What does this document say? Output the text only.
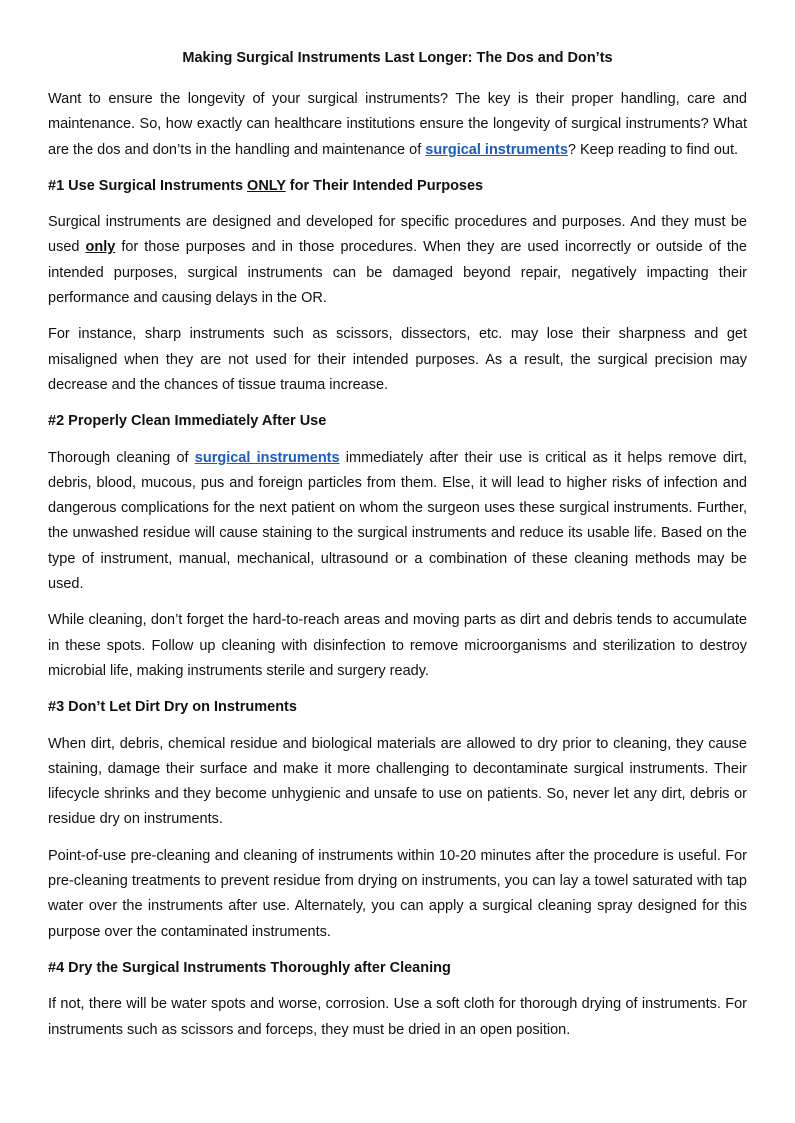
Making Surgical Instruments Last Longer: The Dos and Don’ts

Want to ensure the longevity of your surgical instruments? The key is their proper handling, care and maintenance. So, how exactly can healthcare institutions ensure the longevity of surgical instruments? What are the dos and don’ts in the handling and maintenance of surgical instruments? Keep reading to find out.

#1 Use Surgical Instruments ONLY for Their Intended Purposes

Surgical instruments are designed and developed for specific procedures and purposes. And they must be used only for those purposes and in those procedures. When they are used incorrectly or outside of the intended purposes, surgical instruments can be damaged beyond repair, negatively impacting their performance and causing delays in the OR.

For instance, sharp instruments such as scissors, dissectors, etc. may lose their sharpness and get misaligned when they are not used for their intended purposes. As a result, the surgical precision may decrease and the chances of tissue trauma increase.

#2 Properly Clean Immediately After Use

Thorough cleaning of surgical instruments immediately after their use is critical as it helps remove dirt, debris, blood, mucous, pus and foreign particles from them. Else, it will lead to higher risks of infection and dangerous complications for the next patient on whom the surgeon uses these surgical instruments. Further, the unwashed residue will cause staining to the surgical instruments and reduce its usable life. Based on the type of instrument, manual, mechanical, ultrasound or a combination of these cleaning methods may be used.

While cleaning, don’t forget the hard-to-reach areas and moving parts as dirt and debris tends to accumulate in these spots. Follow up cleaning with disinfection to remove microorganisms and sterilization to destroy microbial life, making instruments sterile and surgery ready.

#3 Don’t Let Dirt Dry on Instruments

When dirt, debris, chemical residue and biological materials are allowed to dry prior to cleaning, they cause staining, damage their surface and make it more challenging to decontaminate surgical instruments. Their lifecycle shrinks and they become unhygienic and unsafe to use on patients. So, never let any dirt, debris or residue dry on instruments.

Point-of-use pre-cleaning and cleaning of instruments within 10-20 minutes after the procedure is useful. For pre-cleaning treatments to prevent residue from drying on instruments, you can lay a towel saturated with tap water over the instruments after use. Alternately, you can apply a surgical cleaning spray designed for this purpose over the contaminated instruments.

#4 Dry the Surgical Instruments Thoroughly after Cleaning

If not, there will be water spots and worse, corrosion. Use a soft cloth for thorough drying of instruments. For instruments such as scissors and forceps, they must be dried in an open position.
